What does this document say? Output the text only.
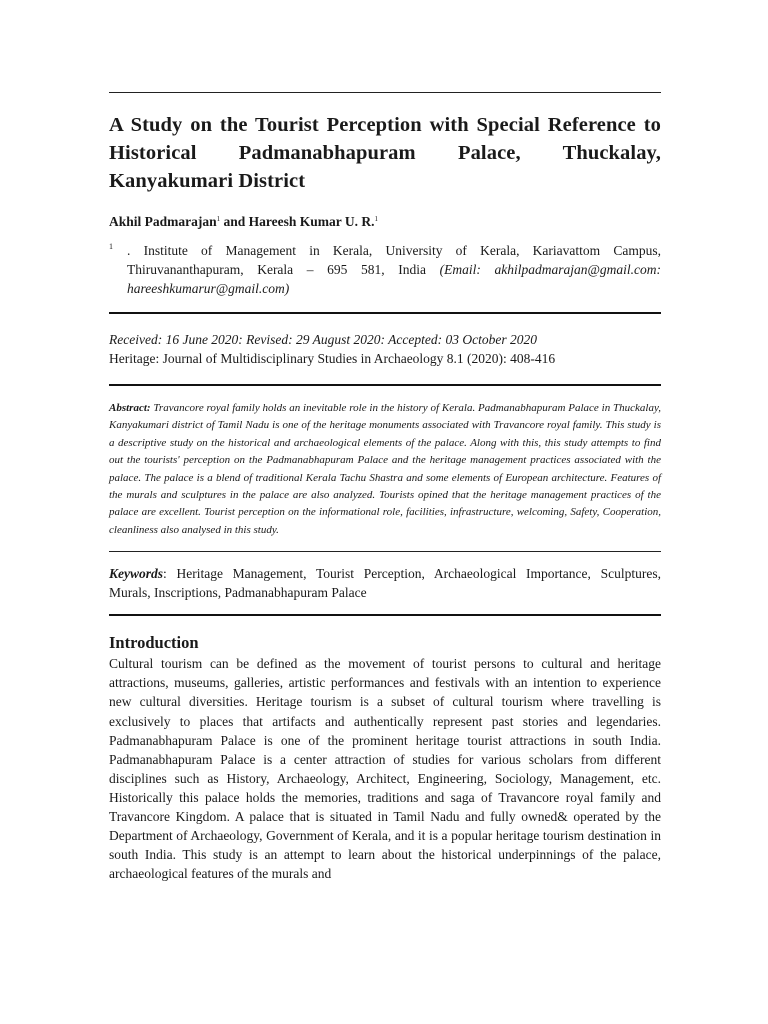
A Study on the Tourist Perception with Special Reference to Historical Padmanabhapuram Palace, Thuckalay, Kanyakumari District

Akhil Padmarajan$^1$ and Hareesh Kumar U. R.$^1$

1 . Institute of Management in Kerala, University of Kerala, Kariavattom Campus, Thiruvananthapuram, Kerala – 695 581, India (Email: akhilpadmarajan@gmail.com: hareeshkumarur@gmail.com)
Received: 16 June 2020: Revised: 29 August 2020: Accepted: 03 October 2020
Heritage: Journal of Multidisciplinary Studies in Archaeology 8.1 (2020): 408-416

Abstract: Travancore royal family holds an inevitable role in the history of Kerala. Padmanabhapuram Palace in Thuckalay, Kanyakumari district of Tamil Nadu is one of the heritage monuments associated with Travancore royal family. This study is a descriptive study on the historical and archaeological elements of the palace. Along with this, this study attempts to find out the tourists' perception on the Padmanabhapuram Palace and the heritage management practices associated with the palace. The palace is a blend of traditional Kerala Tachu Shastra and some elements of European architecture. Features of the murals and sculptures in the palace are also analyzed. Tourists opined that the heritage management practices of the palace are excellent. Tourist perception on the informational role, facilities, infrastructure, welcoming, Safety, Cooperation, cleanliness also analysed in this study.

Keywords: Heritage Management, Tourist Perception, Archaeological Importance, Sculptures, Murals, Inscriptions, Padmanabhapuram Palace

Introduction

Cultural tourism can be defined as the movement of tourist persons to cultural and heritage attractions, museums, galleries, artistic performances and festivals with an intention to experience new cultural diversities. Heritage tourism is a subset of cultural tourism where travelling is exclusively to places that artifacts and authentically represent past stories and legendaries. Padmanabhapuram Palace is one of the prominent heritage tourist attractions in south India. Padmanabhapuram Palace is a center attraction of studies for various scholars from different disciplines such as History, Archaeology, Architect, Engineering, Sociology, Management, etc. Historically this palace holds the memories, traditions and saga of Travancore royal family and Travancore Kingdom. A palace that is situated in Tamil Nadu and fully owned& operated by the Department of Archaeology, Government of Kerala, and it is a popular heritage tourism destination in south India. This study is an attempt to learn about the historical underpinnings of the palace, archaeological features of the murals and
